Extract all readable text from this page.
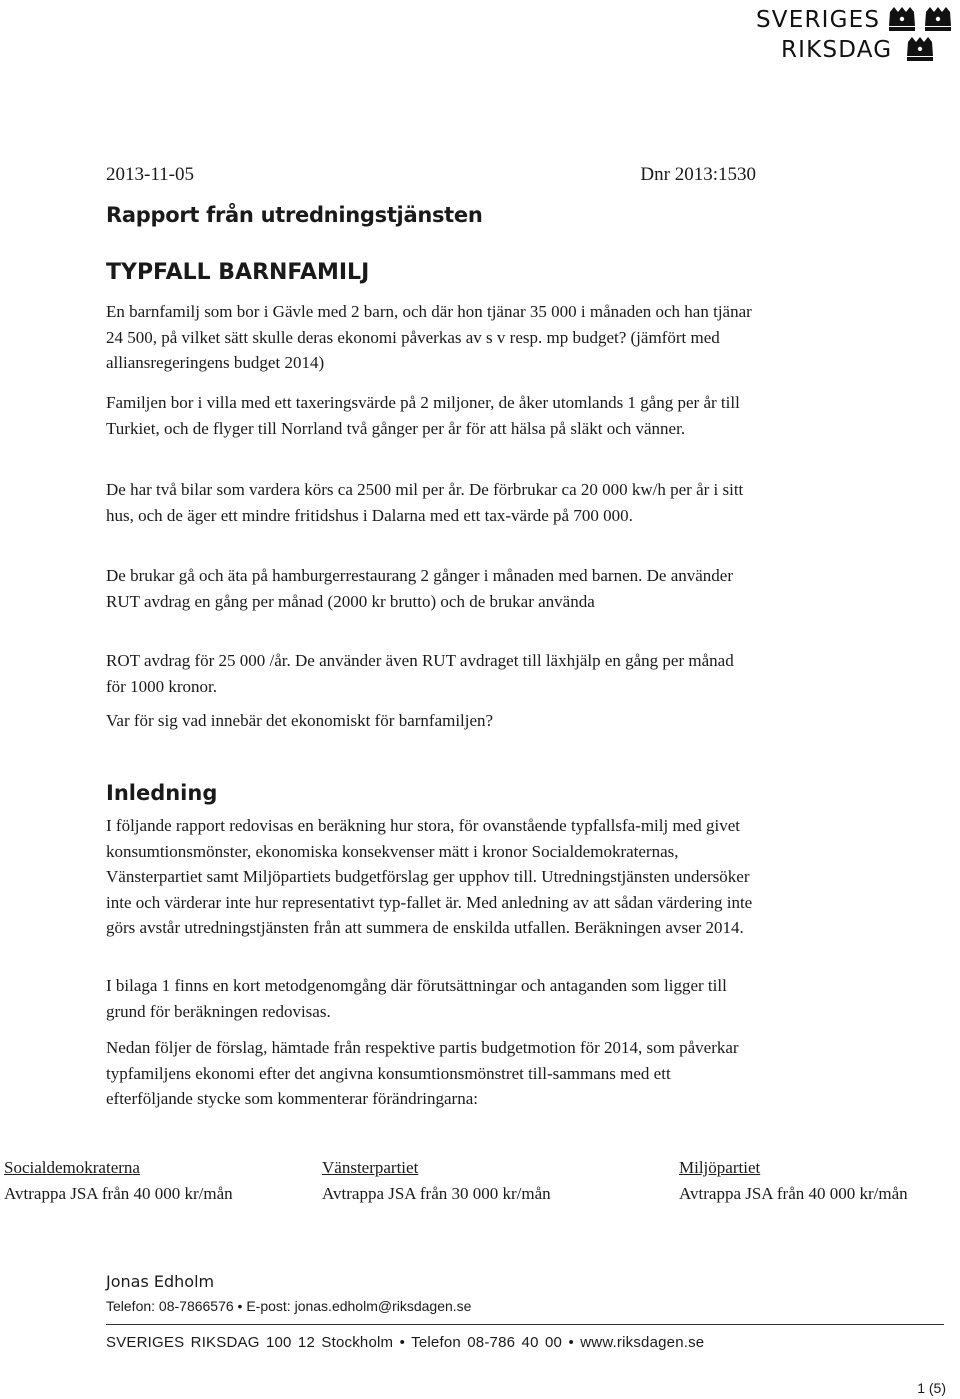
SVERIGES
RIKSDAG
2013-11-05	Dnr 2013:1530
Rapport från utredningstjänsten
TYPFALL BARNFAMILJ

En barnfamilj som bor i Gävle med 2 barn, och där hon tjänar 35 000 i månaden och han tjänar 24 500, på vilket sätt skulle deras ekonomi påverkas av s v resp. mp budget? (jämfört med alliansregeringens budget 2014)

Familjen bor i villa med ett taxeringsvärde på 2 miljoner, de åker utomlands 1 gång per år till Turkiet, och de flyger till Norrland två gånger per år för att hälsa på släkt och vänner.

De har två bilar som vardera körs ca 2500 mil per år. De förbrukar ca 20 000 kw/h per år i sitt hus, och de äger ett mindre fritidshus i Dalarna med ett tax-värde på 700 000.

De brukar gå och äta på hamburgerrestaurang 2 gånger i månaden med barnen. De använder RUT avdrag en gång per månad (2000 kr brutto) och de brukar använda

ROT avdrag för 25 000 /år. De använder även RUT avdraget till läxhjälp en gång per månad för 1000 kronor.

Var för sig vad innebär det ekonomiskt för barnfamiljen?

Inledning

I följande rapport redovisas en beräkning hur stora, för ovanstående typfallsfa-milj med givet konsumtionsmönster, ekonomiska konsekvenser mätt i kronor Socialdemokraternas, Vänsterpartiet samt Miljöpartiets budgetförslag ger upphov till. Utredningstjänsten undersöker inte och värderar inte hur representativt typ-fallet är. Med anledning av att sådan värdering inte görs avstår utredningstjänsten från att summera de enskilda utfallen. Beräkningen avser 2014.

I bilaga 1 finns en kort metodgenomgång där förutsättningar och antaganden som ligger till grund för beräkningen redovisas.

Nedan följer de förslag, hämtade från respektive partis budgetmotion för 2014, som påverkar typfamiljens ekonomi efter det angivna konsumtionsmönstret till-sammans med ett efterföljande stycke som kommenterar förändringarna:

Socialdemokraterna
Avtrappa JSA från 40 000 kr/mån
Vänsterpartiet
Avtrappa JSA från 30 000 kr/mån
Miljöpartiet
Avtrappa JSA från 40 000 kr/mån
Jonas Edholm
Telefon: 08-7866576 • E-post: jonas.edholm@riksdagen.se
SVERIGES RIKSDAG 100 12 Stockholm • Telefon 08-786 40 00 • www.riksdagen.se
1 (5)
